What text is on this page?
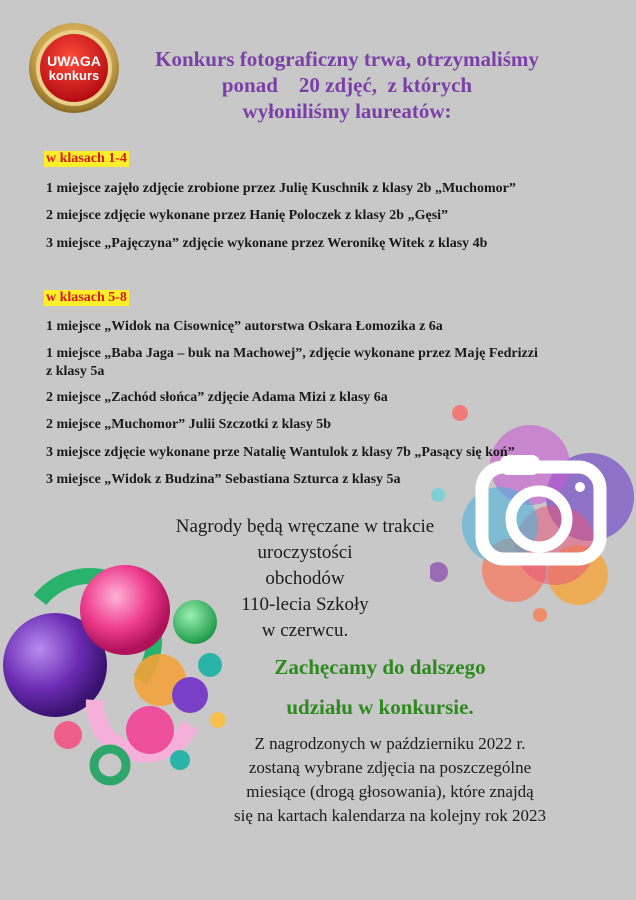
UWAGA
konkurs
Konkurs fotograficzny trwa, otrzymaliśmy
ponad    20 zdjęć,  z których
wyłoniliśmy laureatów:
w klasach 1-4
1 miejsce zajęło zdjęcie zrobione przez Julię Kuschnik z klasy 2b „Muchomor”
2 miejsce zdjęcie wykonane przez Hanię Poloczek z klasy 2b „Gęsi”
3 miejsce „Pajęczyna” zdjęcie wykonane przez Weronikę Witek z klasy 4b
w klasach 5-8
1 miejsce „Widok na Cisownicę” autorstwa Oskara Łomozika z 6a
1 miejsce „Baba Jaga – buk na Machowej”, zdjęcie wykonane przez Maję Fedrizzi z klasy 5a
2 miejsce „Zachód słońca” zdjęcie Adama Mizi z klasy 6a
2 miejsce „Muchomor” Julii Szczotki z klasy 5b
3 miejsce zdjęcie wykonane prze Natalię Wantulok z klasy 7b „Pasący się koń”
3 miejsce „Widok z Budzina” Sebastiana Szturca z klasy 5a
Nagrody będą wręczane w trakcie
uroczystości
obchodów
110-lecia Szkoły
w czerwcu.
Zachęcamy do dalszego
udziału w konkursie.
Z nagrodzonych w październiku 2022 r.
zostaną wybrane zdjęcia na poszczególne
miesiące (drogą głosowania), które znajdą
się na kartach kalendarza na kolejny rok 2023
